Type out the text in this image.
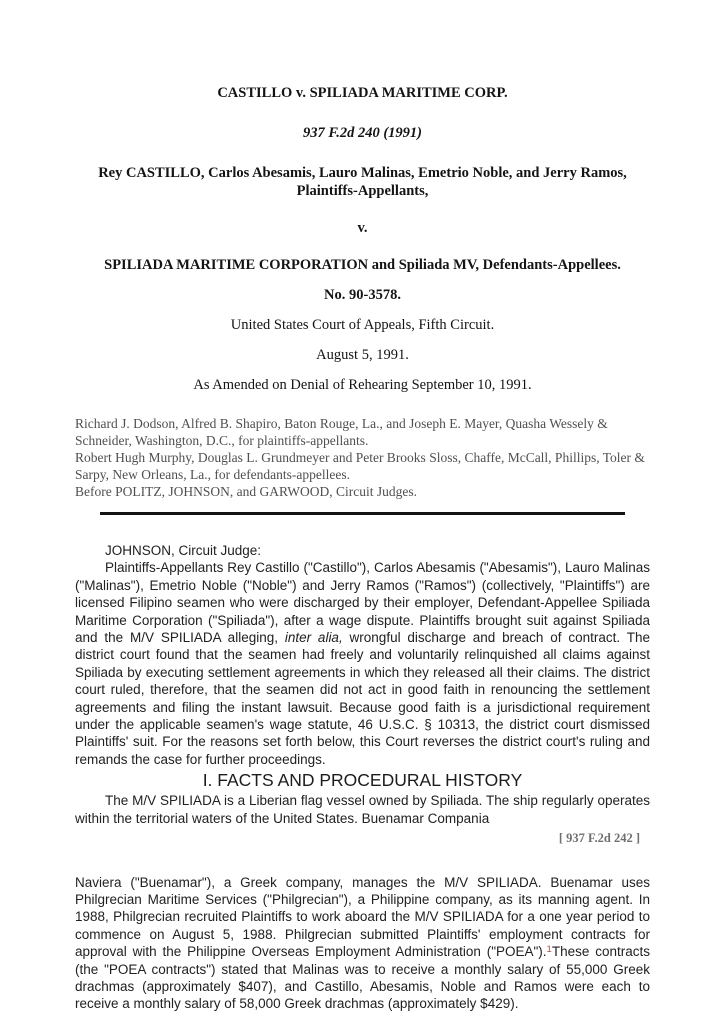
CASTILLO v. SPILIADA MARITIME CORP.
937 F.2d 240 (1991)
Rey CASTILLO, Carlos Abesamis, Lauro Malinas, Emetrio Noble, and Jerry Ramos, Plaintiffs-Appellants,
v.
SPILIADA MARITIME CORPORATION and Spiliada MV, Defendants-Appellees.
No. 90-3578.
United States Court of Appeals, Fifth Circuit.
August 5, 1991.
As Amended on Denial of Rehearing September 10, 1991.

Richard J. Dodson, Alfred B. Shapiro, Baton Rouge, La., and Joseph E. Mayer, Quasha Wessely & Schneider, Washington, D.C., for plaintiffs-appellants.

Robert Hugh Murphy, Douglas L. Grundmeyer and Peter Brooks Sloss, Chaffe, McCall, Phillips, Toler & Sarpy, New Orleans, La., for defendants-appellees.

Before POLITZ, JOHNSON, and GARWOOD, Circuit Judges.

JOHNSON, Circuit Judge:

Plaintiffs-Appellants Rey Castillo ("Castillo"), Carlos Abesamis ("Abesamis"), Lauro Malinas ("Malinas"), Emetrio Noble ("Noble") and Jerry Ramos ("Ramos") (collectively, "Plaintiffs") are licensed Filipino seamen who were discharged by their employer, Defendant-Appellee Spiliada Maritime Corporation ("Spiliada"), after a wage dispute. Plaintiffs brought suit against Spiliada and the M/V SPILIADA alleging, inter alia, wrongful discharge and breach of contract. The district court found that the seamen had freely and voluntarily relinquished all claims against Spiliada by executing settlement agreements in which they released all their claims. The district court ruled, therefore, that the seamen did not act in good faith in renouncing the settlement agreements and filing the instant lawsuit. Because good faith is a jurisdictional requirement under the applicable seamen's wage statute, 46 U.S.C. § 10313, the district court dismissed Plaintiffs' suit. For the reasons set forth below, this Court reverses the district court's ruling and remands the case for further proceedings.

I. FACTS AND PROCEDURAL HISTORY

The M/V SPILIADA is a Liberian flag vessel owned by Spiliada. The ship regularly operates within the territorial waters of the United States. Buenamar Compania

[ 937 F.2d 242 ]

Naviera ("Buenamar"), a Greek company, manages the M/V SPILIADA. Buenamar uses Philgrecian Maritime Services ("Philgrecian"), a Philippine company, as its manning agent. In 1988, Philgrecian recruited Plaintiffs to work aboard the M/V SPILIADA for a one year period to commence on August 5, 1988. Philgrecian submitted Plaintiffs' employment contracts for approval with the Philippine Overseas Employment Administration ("POEA").$^1$These contracts (the "POEA contracts") stated that Malinas was to receive a monthly salary of 55,000 Greek drachmas (approximately $407), and Castillo, Abesamis, Noble and Ramos were each to receive a monthly salary of 58,000 Greek drachmas (approximately $429).
